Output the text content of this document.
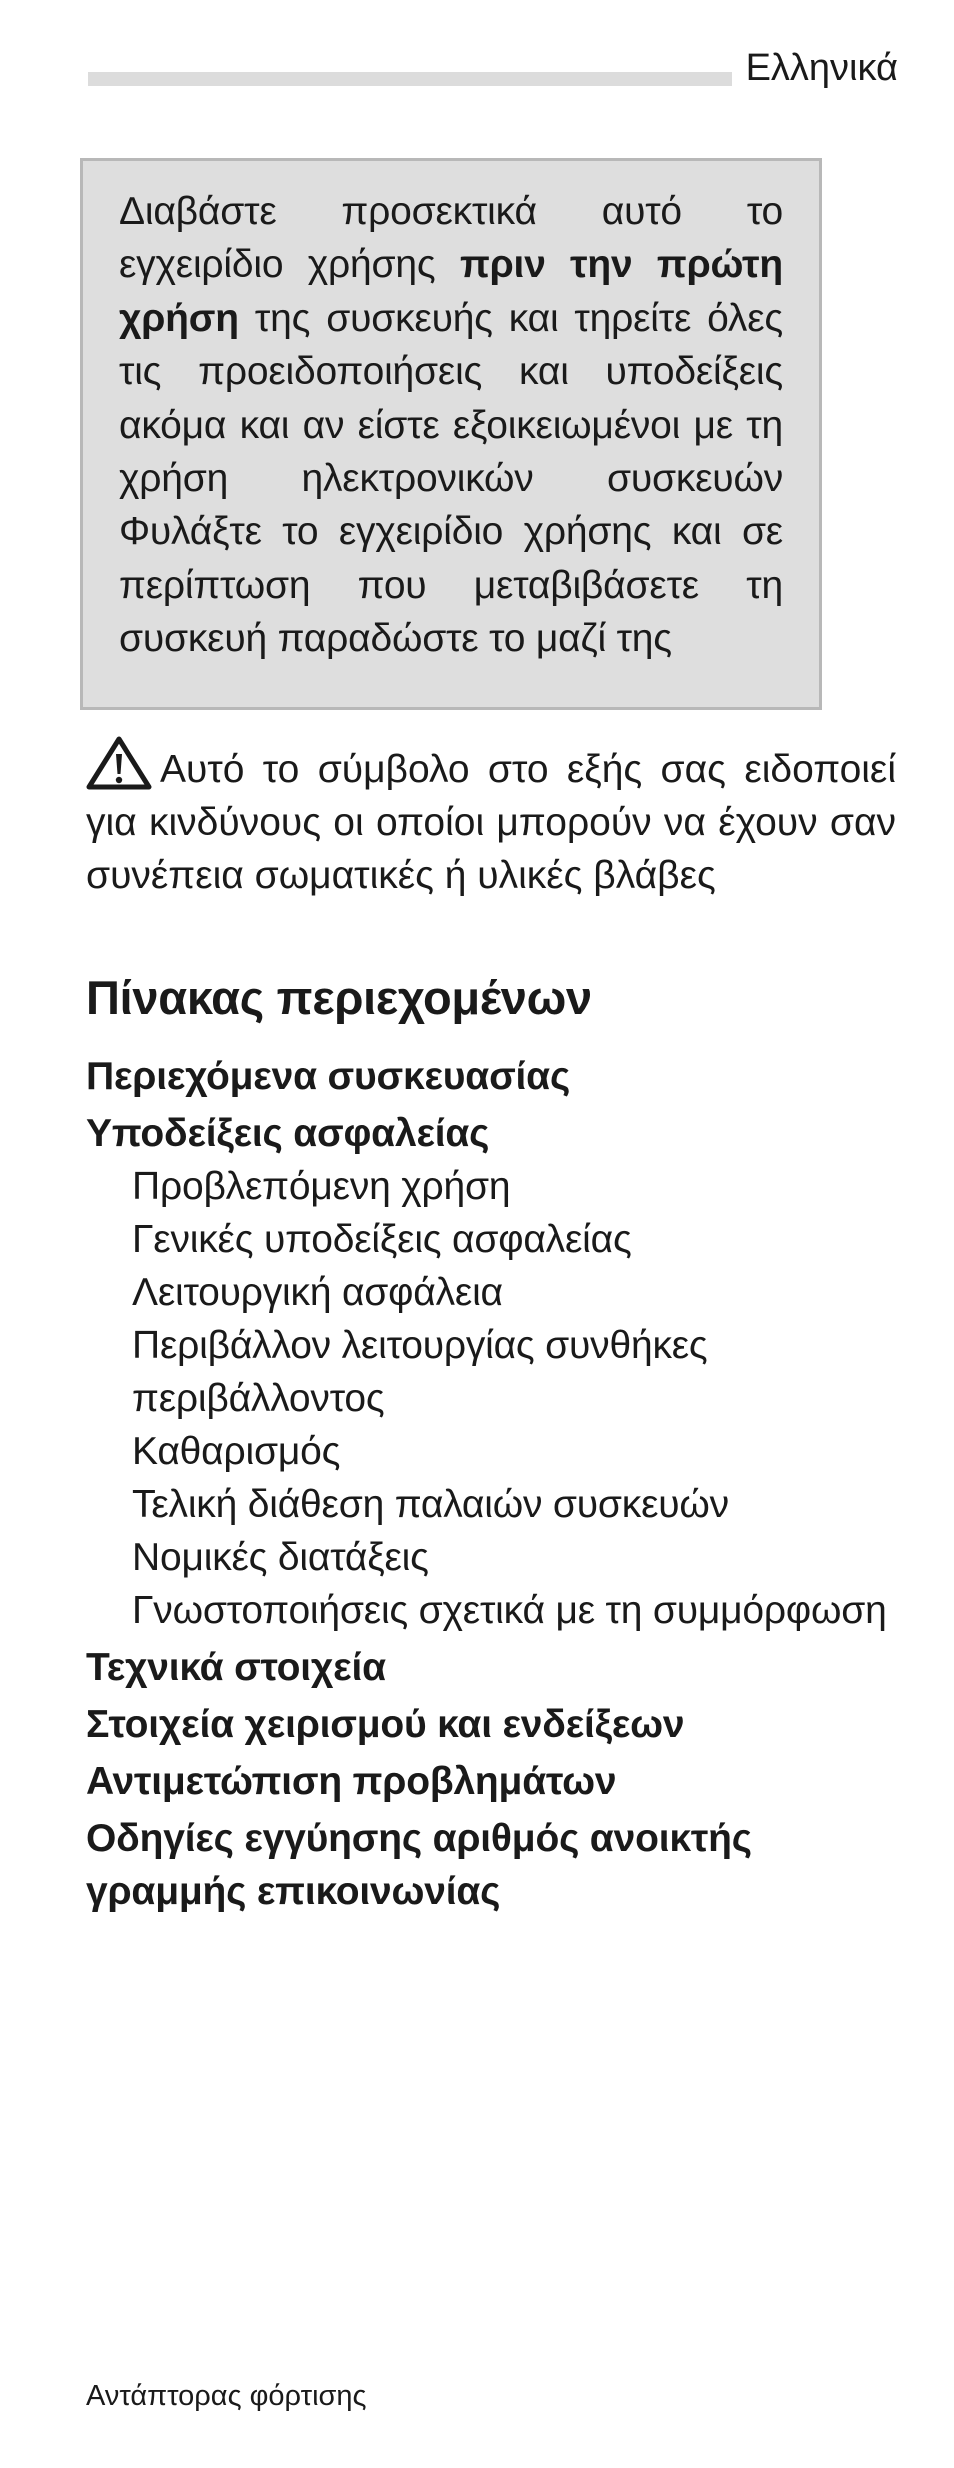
Ελληνικά

Διαβάστε προσεκτικά αυτό το εγχειρίδιο χρήσης πριν την πρώτη χρήση της συσκευής και τηρείτε όλες τις προειδοποιήσεις και υποδείξεις ακόμα και αν είστε εξοικειωμένοι με τη χρήση ηλεκτρονικών συσκευών Φυλάξτε το εγχειρίδιο χρήσης και σε περίπτωση που μεταβιβάσετε τη συσκευή παραδώστε το μαζί της

Αυτό το σύμβολο στο εξής σας ειδοποιεί για κινδύνους οι οποίοι μπορούν να έχουν σαν συνέπεια σωματικές ή υλικές βλάβες

Πίνακας περιεχομένων
Περιεχόμενα συσκευασίας
Υποδείξεις ασφαλείας
Προβλεπόμενη χρήση
Γενικές υποδείξεις ασφαλείας
Λειτουργική ασφάλεια
Περιβάλλον λειτουργίας συνθήκες περιβάλλοντος
Καθαρισμός
Τελική διάθεση παλαιών συσκευών
Νομικές διατάξεις
Γνωστοποιήσεις σχετικά με τη συμμόρφωση
Τεχνικά στοιχεία
Στοιχεία χειρισμού και ενδείξεων
Αντιμετώπιση προβλημάτων
Οδηγίες εγγύησης αριθμός ανοικτής γραμμής επικοινωνίας
Αντάπτορας φόρτισης
